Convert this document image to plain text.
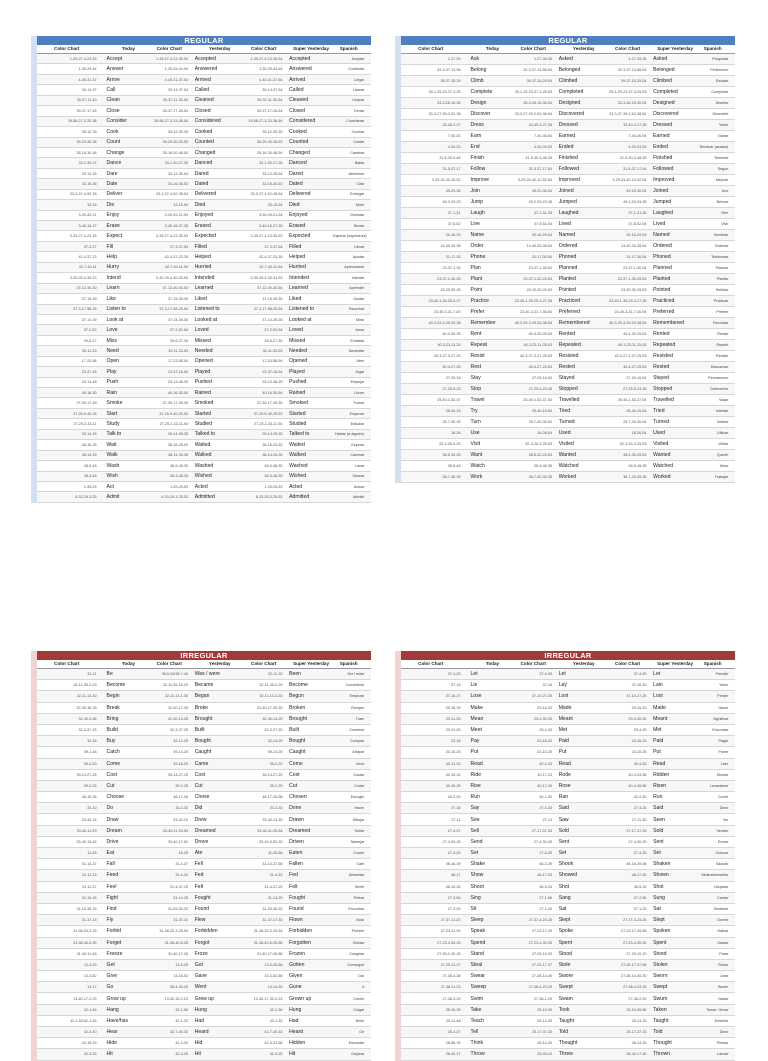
REGULAR
Color Chart	Today	Color Chart	Yesterday	Color Chart	Super Yesterday	Spanish
1-39-27-4-23-35	Accept	1-39-27-4-23-35-54	Accepted	1-39-27-4-23-35-54	Accepted	Aceptar
1-30-29-44	Answer	1-30-29-44-54	Answered	1-30-29-44-54	Answered	Contestar
4-40-31-37	Arrive	4-40-31-37-54	Arrived	4-40-31-37-54	Arrived	Llegar
39-14-37	Call	39-14-37-54	Called	39-14-37-54	Called	Llamar
39-37-11-30	Clean	39-37-11-30-54	Cleaned	39-37-11-30-54	Cleaned	Limpiar
39-37-17-26	Close	39-37-17-26-54	Closed	39-37-17-26-54	Closed	Cerrar
39-58-27-3-33-38	Consider	39-58-27-3-33-38-54	Considered	39-58-27-3-33-38-54	Considered	Considerar
39-12-39	Cook	39-12-39-35	Cooked	39-12-39-35	Cooked	Cocinar
39-29-30-35	Count	39-29-30-35-53	Counted	39-29-30-35-53	Counted	Contar
35-16-30-48	Change	35-16-30-48-54	Changed	35-16-30-48-54	Changed	Cambiar
33-1-30-27	Dance	33-1-30-27-35	Danced	33-1-30-27-35	Danced	Bailar
33-13-35	Dare	33-13-35-54	Dared	33-13-35-54	Dared	Atreverse
33-16-35	Date	33-16-35-53	Dated	33-16-35-53	Dated	Citar
33-3-37-4-52-38	Deliver	33-3-37-4-52-38-54	Delivered	33-3-37-4-52-38-54	Delivered	Entregar
33-15	Die	33-15-54	Died	33-15-54	Died	Morir
3-30-49-21	Enjoy	3-30-49-21-54	Enjoyed	3-30-49-21-54	Enjoyed	Disfrutar
3-40-16-27	Erase	3-40-16-27-35	Erased	3-40-16-27-35	Erased	Borrar
3-39-27-4-23-35	Expect	3-39-27-4-23-35-53	Expected	3-39-27-4-23-35-53	Expected	Esperar (esperanza)
37-3-37	Fill	37-3-37-54	Filled	37-3-37-54	Filled	Llenar
42-4-37-23	Help	42-4-37-23-35	Helped	42-4-37-23-35	Helped	Ayudar
42-7-40-11	Hurry	42-7-40-11-54	Hurried	42-7-40-11-54	Hurried	Apresurarse
3-30-25-4-30-33	Intend	3-30-25-4-30-33-53	Intended	3-30-25-4-30-33-53	Intended	Intentar
37-12-40-30	Learn	37-12-40-30-54	Learned	37-12-40-30-54	Learned	Aprender
37-15-39	Like	37-15-39-35	Liked	37-15-39-35	Liked	Gustar
37-3-17-58-25	Listen to	37-3-17-58-25-54	Listened to	37-3-17-58-25-54	Listened to	Escuchar
37-14-39	Look at	37-14-39-35	Looked at	37-14-39-35	Looked at	Mirar
37-2-52	Love	37-2-52-54	Loved	37-2-52-54	Loved	Amar
39-6-27	Miss	39-6-27-35	Missed	39-6-27-35	Missed	Extrañar
30-11-33	Need	30-11-33-53	Needed	30-11-33-53	Needed	Necesitar
17-23-58	Open	17-23-58-54	Opened	17-23-58-54	Opened	Abrir
23-37-16	Play	23-37-16-54	Played	23-37-16-54	Played	Jugar
23-13-48	Push	23-13-48-35	Pushed	23-13-48-35	Pushed	Empujar
40-16-30	Rain	40-16-30-54	Rained	40-16-30-54	Rained	Llover
37-39-17-39	Smoke	37-39-17-39-35	Smoked	37-39-17-39-35	Smoked	Fumar
37-25-9-40-25	Start	37-25-9-40-25-53	Started	37-25-9-40-25-53	Started	Empezar
27-25-2-33-11	Study	27-25-2-33-11-54	Studied	27-25-2-33-11-54	Studied	Estudiar
25-14-39	Talk to	25-14-39-35	Talked to	25-14-39-35	Talked to	Hablar (a alguien)
38-16-25	Wait	38-16-25-53	Waited	38-16-25-53	Waited	Esperar
38-14-39	Walk	38-14-39-35	Walked	38-14-39-35	Walked	Caminar
38-5-48	Wash	38-5-48-35	Washed	38-5-48-35	Washed	Lavar
38-3-48	Wish	38-3-48-35	Wished	38-3-48-35	Wished	Desear
1-39-25	Act	1-39-25-53	Acted	1-39-25-53	Acted	Actuar
6-33-29-3-25	Admit	6-33-29-3-25-53	Admitted	6-33-29-3-25-53	Admitted	Admitir
REGULAR
Color Chart	Today	Color Chart	Yesterday	Color Chart	Super Yesterday	Spanish
1-27-39	Ask	1-27-39-35	Asked	1-27-39-35	Asked	Preguntar
32-3-37-13-56	Belong	32-3-37-13-56-54	Belonged	32-3-37-13-56-54	Belonged	Pertenecer
39-37-15-29	Climb	39-37-15-29-54	Climbed	39-37-15-29-54	Climbed	Escalar
39-1-29-23-37-3-25	Complete	39-1-29-23-37-3-25-53	Completed	39-1-29-23-37-3-25-53	Completed	Completar
33-3-26-15-30	Design	33-3-26-15-30-54	Designed	33-3-26-15-30-54	Designed	Diseñar
33-3-27-39-2-52-38	Discover	33-3-27-39-2-52-38-54	Discovered	33-3-27-39-2-52-38-54	Discovered	Descubrir
33-40-3-27	Dress	33-40-3-27-35	Dressed	33-40-3-27-35	Dressed	Vestir
7-40-30	Earn	7-40-30-54	Earned	7-40-30-54	Earned	Ganar
4-30-33	End	4-30-33-53	Ended	4-30-33-53	Ended	Terminar (acabar)
31-5-30-3-48	Finish	31-5-30-3-48-35	Finished	31-5-30-3-48-35	Finished	Terminar
31-5-37-17	Follow	31-5-37-17-54	Followed	31-5-37-17-54	Followed	Seguir
3-29-24-40-10-52	Improve	3-29-24-40-10-52-54	Improved	3-29-24-40-10-52-54	Improved	Mejorar
49-20-30	Join	49-20-30-54	Joined	49-20-30-54	Joined	Unir
49-2-29-23	Jump	49-2-29-23-35	Jumped	49-2-29-23-35	Jumped	Brincar
37-1-31	Laugh	37-1-31-35	Laughed	37-1-31-35	Laughed	Reír
37-6-52	Live	37-6-52-54	Lived	37-6-52-54	Lived	Vivir
30-16-29	Name	30-16-29-54	Named	30-16-29-54	Named	Nombrar
14-40-33-38	Order	14-40-33-38-54	Ordered	14-40-33-38-54	Ordered	Ordenar
31-17-30	Phone	31-17-30-54	Phoned	31-17-30-54	Phoned	Telefonear
23-37-1-30	Plan	23-37-1-30-54	Planned	23-37-1-30-54	Planned	Planear
23-37-1-30-25	Plant	23-37-1-30-25-53	Planted	23-37-1-30-25-53	Planted	Plantar
23-20-30-25	Point	23-20-30-25-53	Pointed	23-20-30-25-53	Pointed	Señalar
23-40-1-39-25-3-27	Practice	23-40-1-39-25-3-27-35	Practiced	23-40-1-39-25-3-27-35	Practiced	Practicar
23-40-3-31-7-40	Prefer	23-40-3-31-7-40-54	Preferred	23-40-3-31-7-40-54	Preferred	Preferir
40-3-29-3-29-33-38	Remember	40-3-29-3-29-33-38-54	Remembered	40-3-29-3-29-33-38-54	Remembered	Recordar
40-4-30-25	Rent	40-4-30-25-53	Rented	40-4-30-25-53	Rented	Rentar
40-3-23-11-25	Repeat	40-3-23-11-25-53	Repeated	40-3-23-11-25-53	Repeated	Repetir
40-3-27-3-27-25	Resist	40-3-27-3-27-25-53	Resisted	40-3-27-3-27-25-53	Resisted	Resistir
40-4-27-25	Rest	40-4-27-25-53	Rested	40-4-27-25-53	Rested	Descansar
27-25-16	Stay	27-25-16-54	Stayed	27-25-16-54	Stayed	Permanecer
27-25-5-23	Stop	27-25-5-23-35	Stopped	27-25-5-23-35	Stopped	Detener/se
25-40-1-52-37	Travel	25-40-1-52-37-54	Travelled	25-40-1-52-37-54	Travelled	Viajar
25-40-15	Try	25-40-15-54	Tried	25-40-15-54	Tried	Intentar
25-7-40-30	Turn	25-7-40-30-54	Turned	25-7-40-30-54	Turned	Voltear
18-26	Use	18-26-54	Used	18-26-54	Used	Utilizar
52-3-26-3-25	Visit	52-3-26-3-25-53	Visited	52-3-26-3-25-53	Visited	Visitar
38-5-30-25	Want	38-5-30-25-53	Wanted	38-5-30-25-53	Wanted	Querer
38-5-48	Watch	38-5-48-35	Watched	38-5-48-35	Watched	Mirar
38-7-40-39	Work	38-7-40-39-35	Worked	38-7-40-39-35	Worked	Trabajar
IRREGULAR
Color Chart	Today	Color Chart	Yesterday	Color Chart	Super Yesterday	Spanish
32-11	Be	38-5-26/38-7-40	Was / were	32-11-30	Been	Ser / estar
32-11-39-2-29	Become	32-11-39-16-29	Became	32-11-39-2-29	Become	Convertirse
32-11-13-30	Begin	32-11-13-1-30	Began	32-11-13-2-30	Begun	Empezar
32-40-16-39	Break	32-40-17-39	Broke	32-40-17-39-30	Broken	Romper
32-40-3-56	Bring	32-40-14-25	Brought	32-40-14-25	Brought	Traer
32-3-37-33	Build	32-3-37-25	Built	32-3-37-25	Built	Construir
32-15	Buy	32-14-25	Bought	32-14-25	Bought	Comprar
39-1-48	Catch	39-14-25	Caught	39-14-25	Caught	Atrapar
39-2-29	Come	39-16-29	Came	39-2-29	Come	Venir
39-14-27-25	Cost	39-14-27-25	Cost	39-14-27-25	Cost	Costar
39-2-25	Cut	39-2-25	Cut	39-2-25	Cut	Cortar
48-10-26	Choose	48-17-26	Chose	48-17-26-58	Chosen	Escoger
33-10	Do	33-3-33	Did	33-2-30	Done	Hacer
33-40-14	Draw	33-40-10	Drew	33-40-14-30	Drawn	Dibujar
33-40-11-29	Dream	33-40-11-29-54	Dreamed	33-40-11-29-54	Dreamed	Soñar
33-40-15-52	Drive	33-40-17-52	Drove	33-40-3-52-30	Driven	Manejar
11-25	Eat	16-25	Ate	11-25-58	Eaten	Comer
31-14-37	Fall	31-4-37	Fell	31-14-37-58	Fallen	Caer
31-11-33	Feed	31-4-33	Fed	31-4-33	Fed	Alimentar
31-11-37	Feel	31-4-37-25	Felt	31-4-37-25	Felt	Sentir
31-15-25	Fight	31-14-25	Fought	31-14-25	Fought	Pelear
31-15-30-33	Find	31-29-30-33	Found	31-29-30-33	Found	Encontrar
31-37-15	Fly	31-37-10	Flew	31-37-17-30	Flown	Volar
31-38-33-3-25	Forbid	31-38-33-3-25-54	Forbidden	31-38-33-3-25-54	Forbidden	Prohibir
31-38-40-5-25	Forget	31-38-40-5-25	Forgot	31-38-40-5-25-58	Forgotten	Olvidar
31-40-11-48	Freeze	31-40-17-26	Froze	31-40-17-26-58	Frozen	Congelar
13-4-25	Get	13-5-25	Got	13-5-25-58	Gotten	Conseguir
13-3-52	Give	13-16-52	Gave	13-3-52-58	Given	Dar
13-17	Go	38-4-30-25	Went	13-14-30	Gone	Ir
13-40-17-2-23	Grow up	13-40-10-2-23	Grew up	13-40-17-30-2-23	Grown up	Crecer
42-1-56	Hang	42-2-56	Hung	42-2-56	Hung	Colgar
42-1-52/42-1-26	Have/has	42-1-33	Had	42-1-33	Had	Tener
42-3-40	Hear	42-7-40-33	Heard	42-7-40-33	Heard	Oír
42-15-33	Hide	42-3-33	Hid	42-3-33-58	Hidden	Esconder
42-3-25	Hit	42-3-25	Hit	42-3-25	Hit	Golpear
IRREGULAR
Color Chart	Today	Color Chart	Yesterday	Color Chart	Super Yesterday	Spanish
37-4-25	Let	37-4-25	Let	37-4-25	Let	Permitir
37-15	Lie	37-16	Lay	37-16-30	Lain	Yacer
37-10-27	Lose	37-10-27-25	Lost	37-10-27-25	Lost	Perder
29-16-39	Make	29-16-33	Made	29-16-33	Made	Hacer
29-11-30	Mean	29-4-30-25	Meant	29-4-30-25	Meant	Significar
29-11-25	Meet	29-4-25	Met	29-4-25	Met	Encontrar
23-16	Pay	23-16-33	Paid	23-16-33	Paid	Pagar
23-10-25	Put	23-10-25	Put	23-10-25	Put	Poner
40-11-33	Read	40-4-33	Read	40-4-33	Read	Leer
40-15-33	Ride	40-17-33	Rode	40-3-33-58	Ridden	Montar
40-15-26	Rise	40-17-26	Rose	40-3-26-58	Risen	Levantarse
40-2-30	Run	40-1-30	Ran	40-2-30	Run	Correr
27-16	Say	27-4-33	Said	27-4-33	Said	Decir
27-11	See	27-14	Saw	27-11-30	Seen	Ver
27-4-37	Sell	27-17-37-33	Sold	27-17-37-33	Sold	Vender
27-4-30-33	Send	27-4-30-25	Sent	27-4-30-25	Sent	Enviar
27-4-25	Set	27-4-25	Set	27-4-25	Set	Colocar
48-16-39	Shake	48-3-39	Shook	48-16-39-58	Shaken	Sacudir
48-17	Show	48-17-33	Showed	48-17-30	Shown	Mostrar/enseñar
48-10-25	Shoot	48-5-25	Shot	48-5-25	Shot	Disparar
27-3-56	Sing	27-1-56	Sang	27-2-56	Sung	Cantar
27-3-25	Sit	27-1-25	Sat	27-1-25	Sat	Sentarse
27-37-11-23	Sleep	27-37-4-23-25	Slept	27-37-4-23-25	Slept	Dormir
27-23-11-39	Speak	27-23-17-39	Spoke	27-23-17-39-58	Spoken	Hablar
27-23-4-30-33	Spend	27-23-4-30-25	Spent	27-23-4-30-25	Spent	Gastar
27-25-1-30-33	Stand	27-25-10-33	Stood	27-25-10-33	Stood	Parar
27-25-11-37	Steal	27-25-17-37	Stole	27-25-17-37-58	Stolen	Robar
27-38-4-38	Swear	27-38-14-40	Swore	27-38-14-40-30	Sworn	Jurar
27-38-11-23	Sweep	27-38-4-23-25	Swept	27-38-4-23-25	Swept	Barrer
27-38-3-29	Swim	27-38-1-29	Swam	27-38-2-29	Swum	Nadar
25-16-39	Take	25-10-39	Took	25-16-39-58	Taken	Tomar / llevar
25-11-48	Teach	25-14-25	Taught	25-14-25	Taught	Enseñar
25-4-37	Tell	25-17-37-33	Told	25-17-37-33	Told	Decir
28-56-39	Think	28-14-25	Thought	28-14-25	Thought	Pensar
28-40-17	Throw	28-40-10	Threw	28-40-17-30	Thrown	Lanzar
